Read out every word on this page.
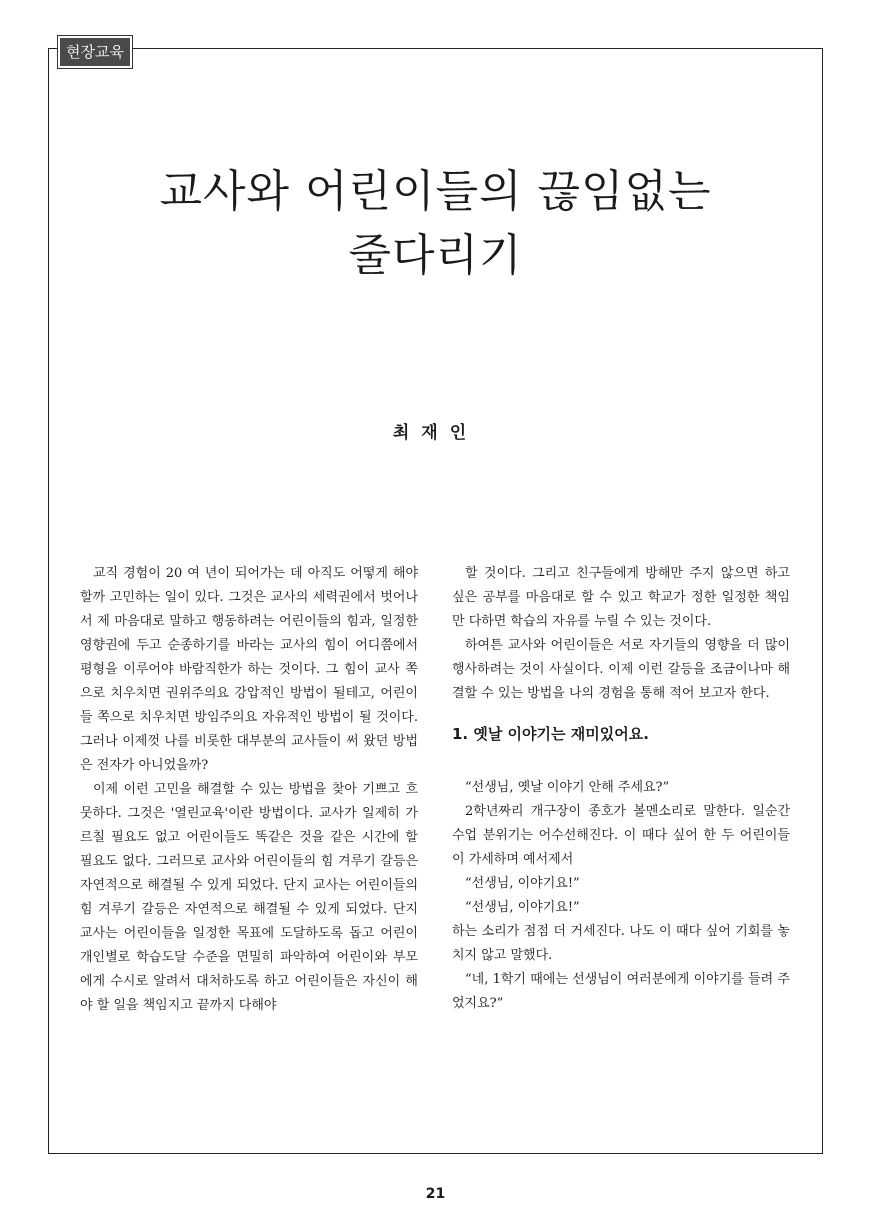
현장교육
교사와 어린이들의 끊임없는
줄다리기
최재인

교직 경험이 20 여 년이 되어가는 데 아직도 어떻게 해야 할까 고민하는 일이 있다. 그것은 교사의 세력권에서 벗어나서 제 마음대로 말하고 행동하려는 어린이들의 힘과, 일정한 영향권에 두고 순종하기를 바라는 교사의 힘이 어디쯤에서 평형을 이루어야 바람직한가 하는 것이다. 그 힘이 교사 쪽으로 치우치면 권위주의요 강압적인 방법이 될테고, 어린이들 쪽으로 치우치면 방임주의요 자유적인 방법이 될 것이다. 그러나 이제껏 나를 비롯한 대부분의 교사들이 써 왔던 방법은 전자가 아니었을까?

이제 이런 고민을 해결할 수 있는 방법을 찾아 기쁘고 흐뭇하다. 그것은 '열린교육'이란 방법이다. 교사가 일제히 가르칠 필요도 없고 어린이들도 똑같은 것을 같은 시간에 할 필요도 없다. 그러므로 교사와 어린이들의 힘 겨루기 갈등은 자연적으로 해결될 수 있게 되었다. 단지 교사는 어린이들의 힘 겨루기 갈등은 자연적으로 해결될 수 있게 되었다. 단지 교사는 어린이들을 일정한 목표에 도달하도록 돕고 어린이 개인별로 학습도달 수준을 면밀히 파악하여 어린이와 부모에게 수시로 알려서 대처하도록 하고 어린이들은 자신이 해야 할 일을 책임지고 끝까지 다해야

할 것이다. 그리고 친구들에게 방해만 주지 않으면 하고 싶은 공부를 마음대로 할 수 있고 학교가 정한 일정한 책임만 다하면 학습의 자유를 누릴 수 있는 것이다.

하여튼 교사와 어린이들은 서로 자기들의 영향을 더 많이 행사하려는 것이 사실이다. 이제 이런 갈등을 조금이나마 해결할 수 있는 방법을 나의 경험을 통해 적어 보고자 한다.

1. 옛날 이야기는 재미있어요.

“선생님, 옛날 이야기 안해 주세요?”

2학년짜리 개구장이 종호가 볼멘소리로 말한다. 일순간 수업 분위기는 어수선해진다. 이 때다 싶어 한 두 어린이들이 가세하며 예서제서

“선생님, 이야기요!”

“선생님, 이야기요!”

하는 소리가 점점 더 거세진다. 나도 이 때다 싶어 기회를 놓치지 않고 말했다.

“네, 1학기 때에는 선생님이 여러분에게 이야기를 들려 주었지요?”

21
